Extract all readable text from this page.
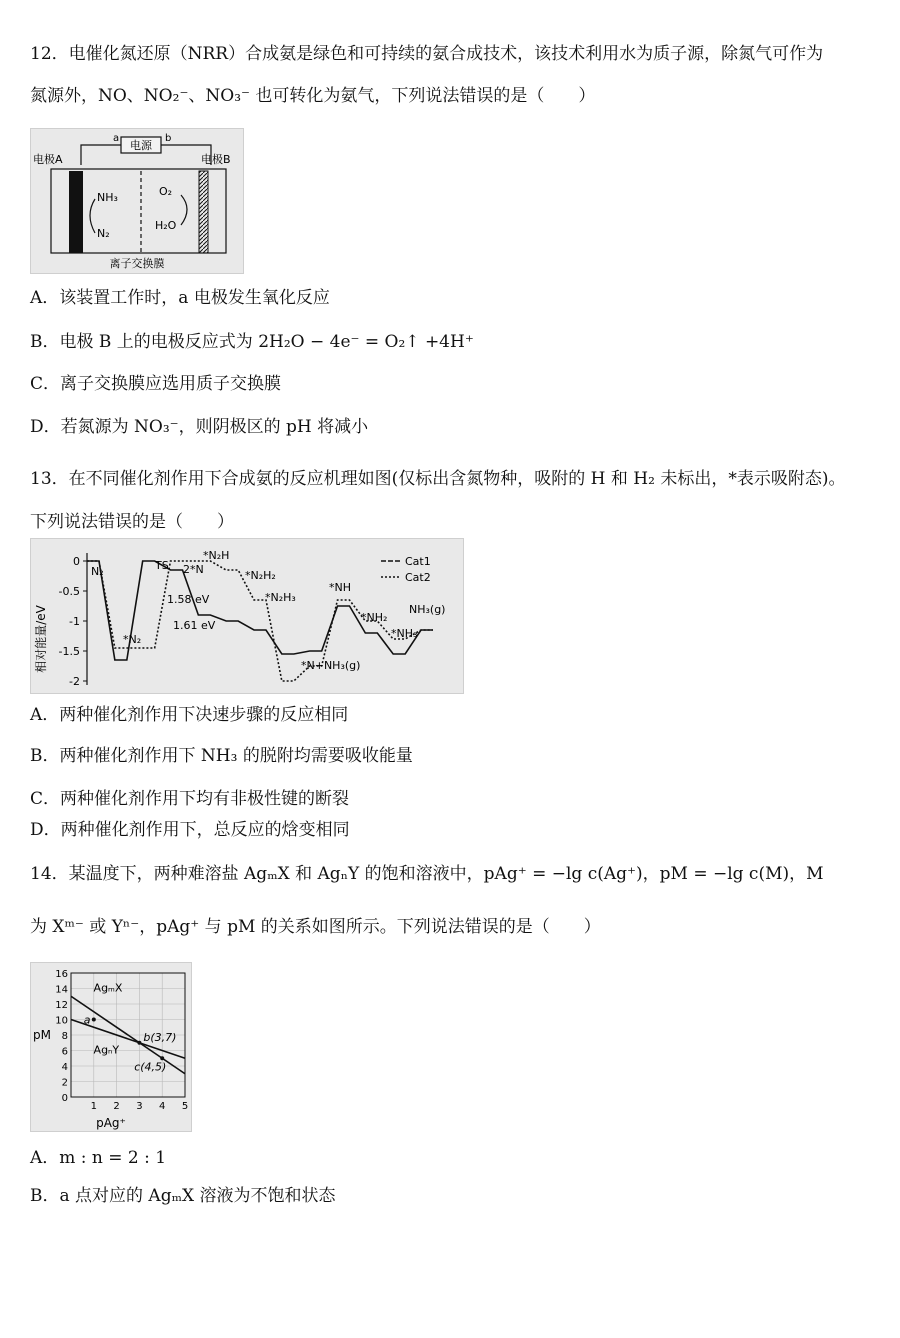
12．电催化氮还原（NRR）合成氨是绿色和可持续的氨合成技术，该技术利用水为质子源，除氮气可作为
氮源外，NO、NO₂⁻、NO₃⁻ 也可转化为氨气，下列说法错误的是（　　）
电源
a	b
电极A	电极B
NH₃
N₂
O₂
H₂O
离子交换膜
A．该装置工作时，a 电极发生氧化反应
B．电极 B 上的电极反应式为 2H₂O − 4e⁻ = O₂↑ +4H⁺
C．离子交换膜应选用质子交换膜
D．若氮源为 NO₃⁻，则阴极区的 pH 将减小
13．在不同催化剂作用下合成氨的反应机理如图(仅标出含氮物种，吸附的 H 和 H₂ 未标出，*表示吸附态)。
下列说法错误的是（　　）
相对能量/eV
0
-0.5
-1
-1.5
-2
Cat1
Cat2
N₂
*N₂
TS 2*N
*N₂H
*N₂H₂
*N₂H₃
*N+NH₃(g)
*NH
*NH₂
*NH₃
NH₃(g)
1.58 eV
1.61 eV
A．两种催化剂作用下决速步骤的反应相同
B．两种催化剂作用下 NH₃ 的脱附均需要吸收能量
C．两种催化剂作用下均有非极性键的断裂
D．两种催化剂作用下，总反应的焓变相同
14．某温度下，两种难溶盐 AgₘX 和 AgₙY 的饱和溶液中，pAg⁺ = −lg c(Ag⁺)，pM = −lg c(M)，M
为 Xᵐ⁻ 或 Yⁿ⁻，pAg⁺ 与 pM 的关系如图所示。下列说法错误的是（　　）
pM
pAg⁺
0
2
4
6
8
10
12
14
16
1 2 3 4 5
AgₘX
AgₙY
a
b(3,7)
c(4,5)
A．m : n = 2 : 1
B．a 点对应的 AgₘX 溶液为不饱和状态
